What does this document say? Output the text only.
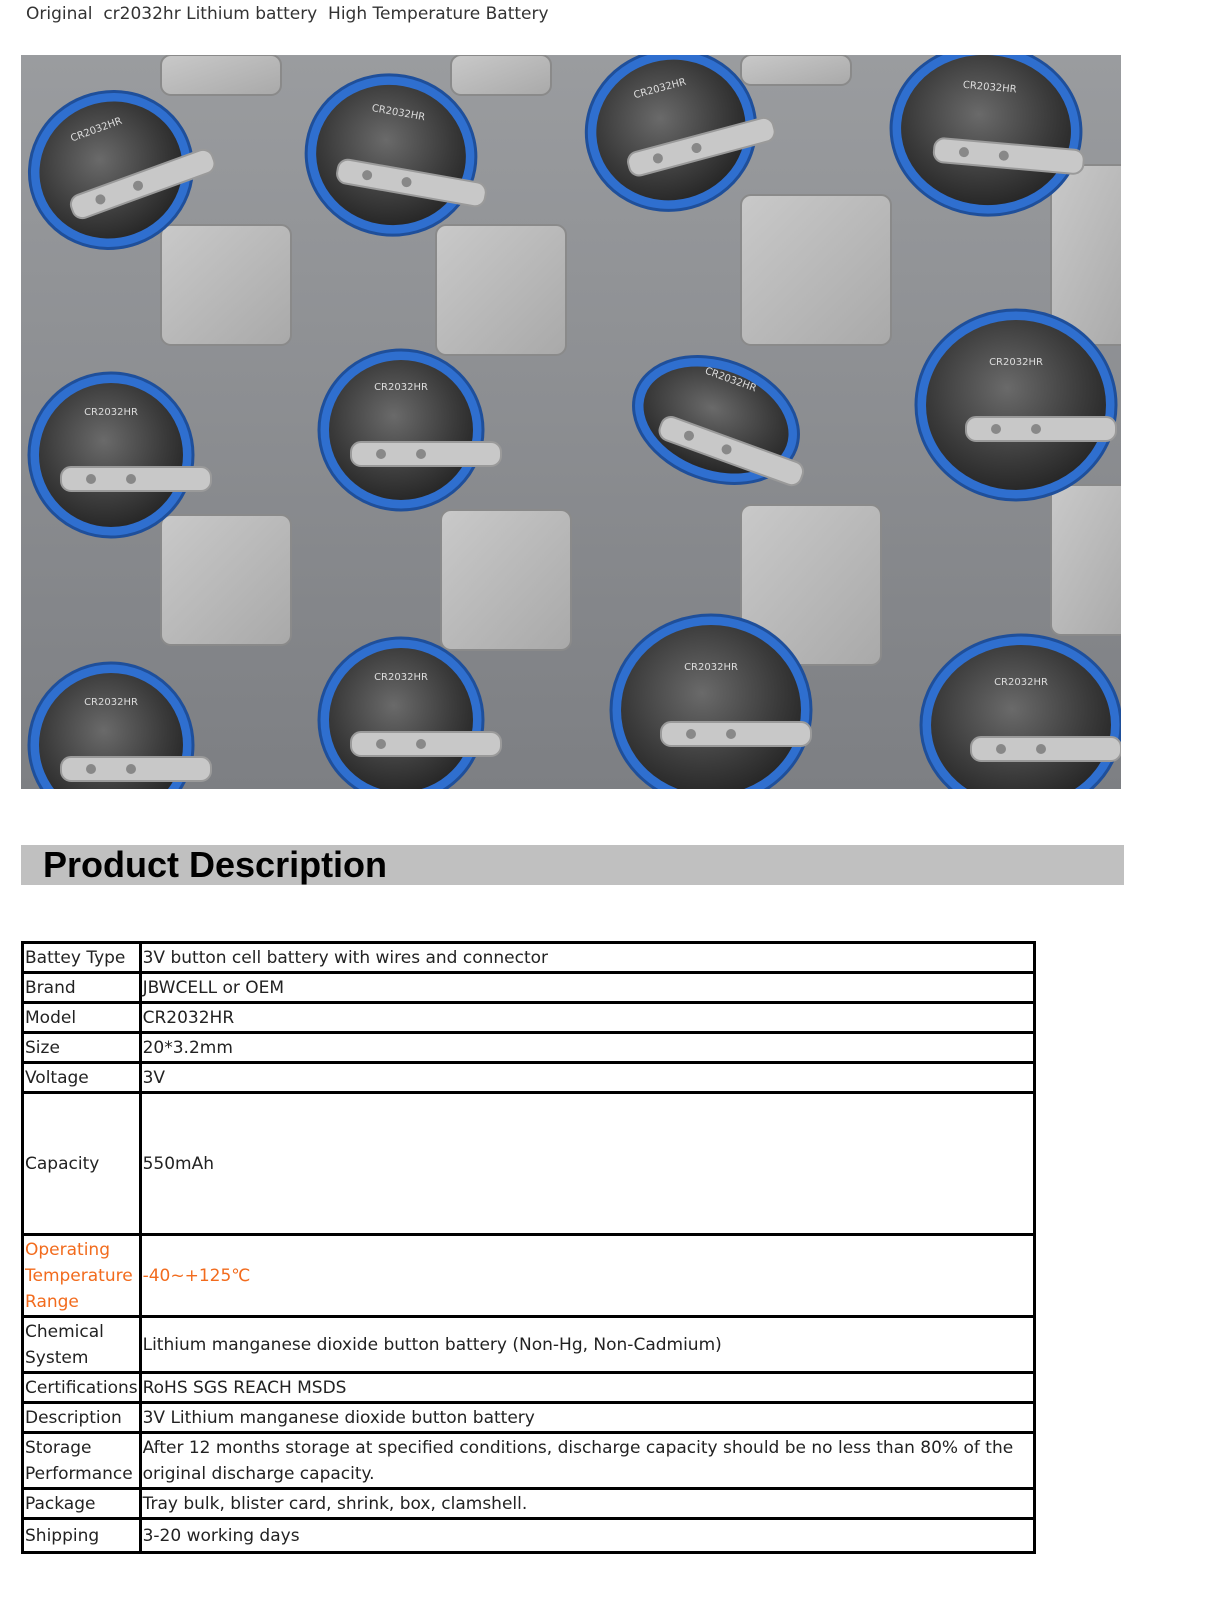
Original  cr2032hr Lithium battery  High Temperature Battery
CR2032HR
CR2032HR
CR2032HR	CR2032HR
CR2032HR
CR2032HR	CR2032HR
CR2032HR
CR2032HR
CR2032HR
CR2032HR
CR2032HR
Product Description
Battey Type	3V button cell battery with wires and connector
Brand	JBWCELL or OEM
Model	CR2032HR
Size	20*3.2mm
Voltage	3V
Capacity	550mAh
Operating Temperature Range	-40~+125℃
Chemical System	Lithium manganese dioxide button battery (Non-Hg, Non-Cadmium)
Certifications	RoHS SGS REACH MSDS
Description	3V Lithium manganese dioxide button battery
Storage Performance	After 12 months storage at specified conditions, discharge capacity should be no less than 80% of the original discharge capacity.
Package	Tray bulk, blister card, shrink, box, clamshell.
Shipping	3-20 working days
